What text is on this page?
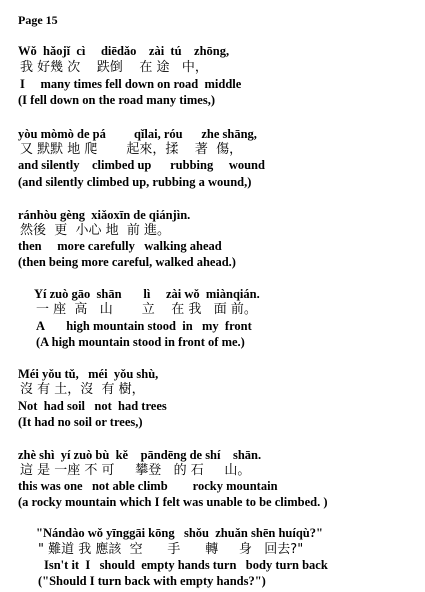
Page 15
Wǒ  hǎojǐ  cì     diēdǎo    zài  tú    zhōng,
我 好幾 次    跌倒    在 途   中，
I     many times fell down on road  middle
(I fell down on the road many times,)
yòu mòmò de pá         qǐlai, róu      zhe shāng,
又 默默 地 爬       起來，揉    著  傷，
and silently    climbed up      rubbing     wound
(and silently climbed up, rubbing a wound,)
ránhòu gèng  xiǎoxīn de qiánjìn.
然後  更  小心 地  前 進。
then     more carefully   walking ahead
(then being more careful, walked ahead.)
Yí zuò gāo  shān       lì     zài wǒ  miànqián.
一 座  高   山       立    在 我   面 前。
A       high mountain stood  in   my  front
(A high mountain stood in front of me.)
Méi yǒu tǔ,   méi  yǒu shù,
沒 有 土，沒  有 樹，
Not  had soil   not  had trees
(It had no soil or trees,)
zhè shì  yí zuò bù  kě    pāndēng de shí    shān.
這 是 一座 不 可     攀登   的 石     山。
this was one   not able climb        rocky mountain
(a rocky mountain which I felt was unable to be climbed. )
"Nándào wǒ yīnggāi kōng   shǒu  zhuǎn shēn huíqù?"
" 難道 我 應該  空      手      轉     身   回去?"
Isn't it  I   should  empty hands turn   body turn back
("Should I turn back with empty hands?")
